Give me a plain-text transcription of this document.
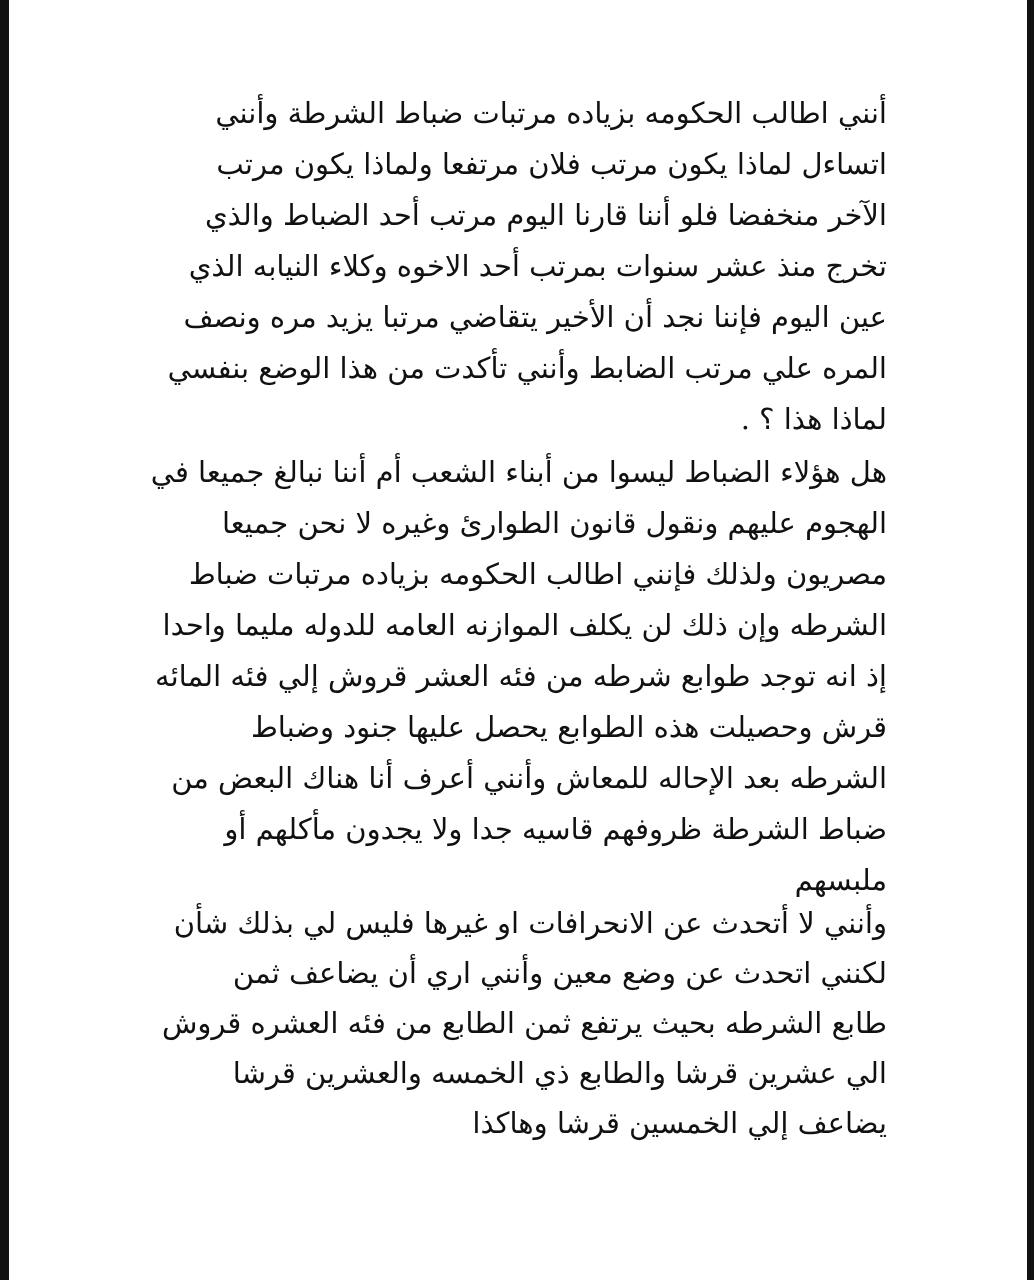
أنني اطالب الحكومه بزياده مرتبات ضباط الشرطة وأنني
اتساءل لماذا يكون مرتب فلان مرتفعا ولماذا يكون مرتب
الآخر منخفضا فلو أننا قارنا اليوم مرتب أحد الضباط والذي
تخرج منذ عشر سنوات بمرتب أحد الاخوه وكلاء النيابه الذي
عين اليوم فإننا نجد أن الأخير يتقاضي مرتبا يزيد مره ونصف
المره علي مرتب الضابط وأنني تأكدت من هذا الوضع بنفسي
لماذا هذا ؟ .
هل هؤلاء الضباط ليسوا من أبناء الشعب أم أننا نبالغ جميعا في
الهجوم عليهم ونقول قانون الطوارئ وغيره لا نحن جميعا
مصريون ولذلك فإنني اطالب الحكومه بزياده مرتبات ضباط
الشرطه وإن ذلك لن يكلف الموازنه العامه للدوله مليما واحدا
إذ انه توجد طوابع شرطه من فئه العشر قروش إلي فئه المائه
قرش وحصيلت هذه الطوابع يحصل عليها جنود وضباط
الشرطه بعد الإحاله للمعاش وأنني أعرف أنا هناك البعض من
ضباط الشرطة ظروفهم قاسيه جدا ولا يجدون مأكلهم أو
ملبسهم
وأنني لا أتحدث عن الانحرافات او غيرها فليس لي بذلك شأن
لكنني اتحدث عن وضع معين وأنني اري أن يضاعف ثمن
طابع الشرطه بحيث يرتفع ثمن الطابع من فئه العشره قروش
الي عشرين قرشا والطابع ذي الخمسه والعشرين قرشا
يضاعف إلي الخمسين قرشا وهاكذا
